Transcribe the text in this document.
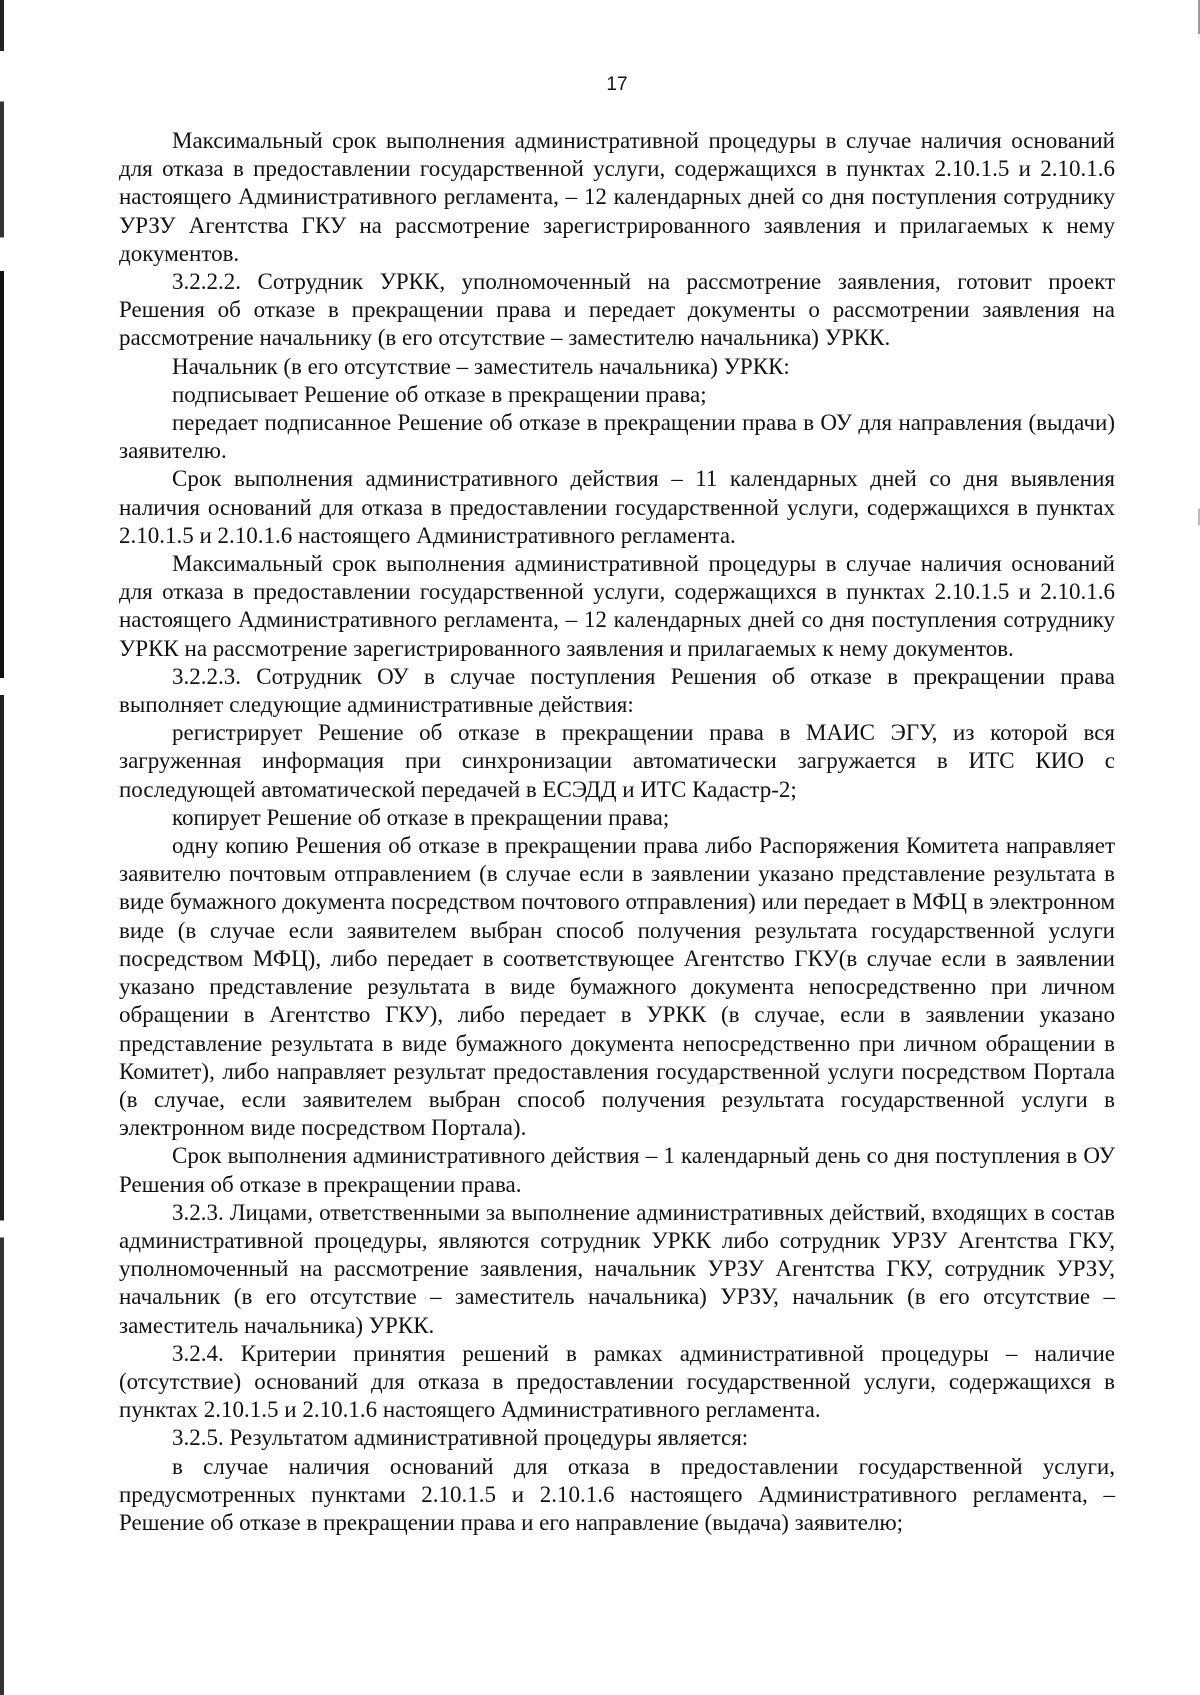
17

Максимальный срок выполнения административной процедуры в случае наличия оснований для отказа в предоставлении государственной услуги, содержащихся в пунктах 2.10.1.5 и 2.10.1.6 настоящего Административного регламента, – 12 календарных дней со дня поступления сотруднику УРЗУ Агентства ГКУ на рассмотрение зарегистрированного заявления и прилагаемых к нему документов.

3.2.2.2. Сотрудник УРКК, уполномоченный на рассмотрение заявления, готовит проект Решения об отказе в прекращении права и передает документы о рассмотрении заявления на рассмотрение начальнику (в его отсутствие – заместителю начальника) УРКК.

Начальник (в его отсутствие – заместитель начальника) УРКК:

подписывает Решение об отказе в прекращении права;

передает подписанное Решение об отказе в прекращении права в ОУ для направления (выдачи) заявителю.

Срок выполнения административного действия – 11 календарных дней со дня выявления наличия оснований для отказа в предоставлении государственной услуги, содержащихся в пунктах 2.10.1.5 и 2.10.1.6 настоящего Административного регламента.

Максимальный срок выполнения административной процедуры в случае наличия оснований для отказа в предоставлении государственной услуги, содержащихся в пунктах 2.10.1.5 и 2.10.1.6 настоящего Административного регламента, – 12 календарных дней со дня поступления сотруднику УРКК на рассмотрение зарегистрированного заявления и прилагаемых к нему документов.

3.2.2.3. Сотрудник ОУ в случае поступления Решения об отказе в прекращении права выполняет следующие административные действия:

регистрирует Решение об отказе в прекращении права в МАИС ЭГУ, из которой вся загруженная информация при синхронизации автоматически загружается в ИТС КИО с последующей автоматической передачей в ЕСЭДД и ИТС Кадастр-2;

копирует Решение об отказе в прекращении права;

одну копию Решения об отказе в прекращении права либо Распоряжения Комитета направляет заявителю почтовым отправлением (в случае если в заявлении указано представление результата в виде бумажного документа посредством почтового отправления) или передает в МФЦ в электронном виде (в случае если заявителем выбран способ получения результата государственной услуги посредством МФЦ), либо передает в соответствующее Агентство ГКУ(в случае если в заявлении указано представление результата в виде бумажного документа непосредственно при личном обращении в Агентство ГКУ), либо передает в УРКК (в случае, если в заявлении указано представление результата в виде бумажного документа непосредственно при личном обращении в Комитет), либо направляет результат предоставления государственной услуги посредством Портала (в случае, если заявителем выбран способ получения результата государственной услуги в электронном виде посредством Портала).

Срок выполнения административного действия – 1 календарный день со дня поступления в ОУ Решения об отказе в прекращении права.

3.2.3. Лицами, ответственными за выполнение административных действий, входящих в состав административной процедуры, являются сотрудник УРКК либо сотрудник УРЗУ Агентства ГКУ, уполномоченный на рассмотрение заявления, начальник УРЗУ Агентства ГКУ, сотрудник УРЗУ, начальник (в его отсутствие – заместитель начальника) УРЗУ, начальник (в его отсутствие – заместитель начальника) УРКК.

3.2.4. Критерии принятия решений в рамках административной процедуры – наличие (отсутствие) оснований для отказа в предоставлении государственной услуги, содержащихся в пунктах 2.10.1.5 и 2.10.1.6 настоящего Административного регламента.

3.2.5. Результатом административной процедуры является:

в случае наличия оснований для отказа в предоставлении государственной услуги, предусмотренных пунктами 2.10.1.5 и 2.10.1.6 настоящего Административного регламента, – Решение об отказе в прекращении права и его направление (выдача) заявителю;
